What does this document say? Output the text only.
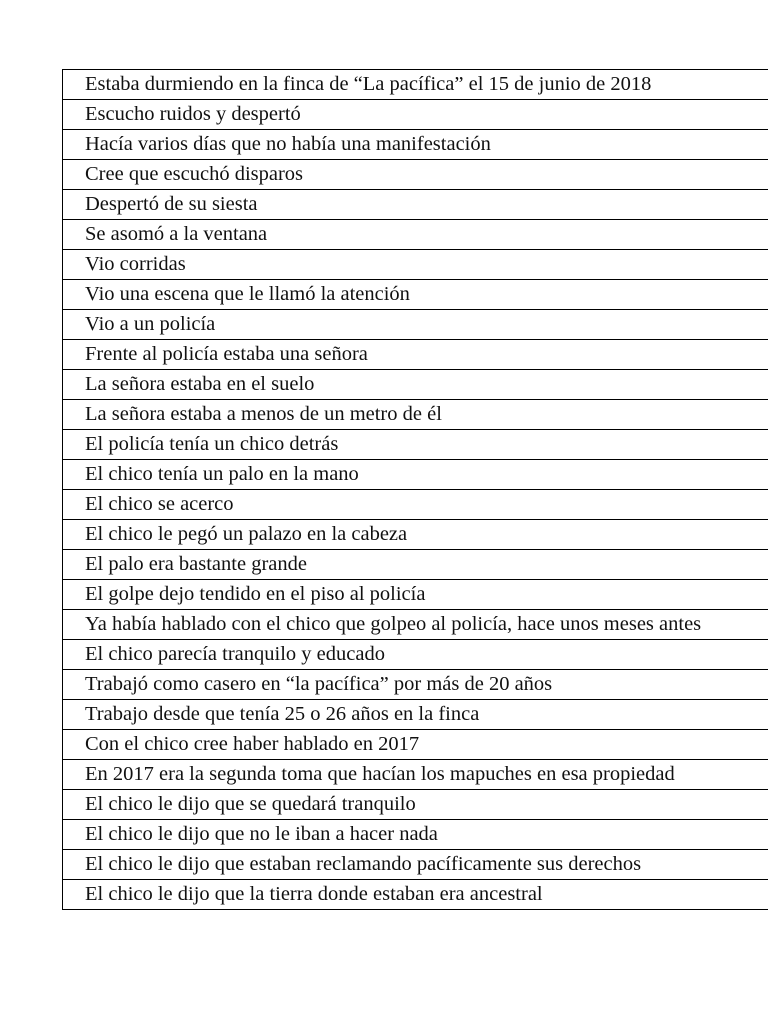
Estaba durmiendo en la finca de “La pacífica” el 15 de junio de 2018
Escucho ruidos y despertó
Hacía varios días que no había una manifestación
Cree que escuchó disparos
Despertó de su siesta
Se asomó a la ventana
Vio corridas
Vio una escena que le llamó la atención
Vio a un policía
Frente al policía estaba una señora
La señora estaba en el suelo
La señora estaba a menos de un metro de él
El policía tenía un chico detrás
El chico tenía un palo en la mano
El chico se acerco
El chico le pegó un palazo en la cabeza
El palo era bastante grande
El golpe dejo tendido en el piso al policía
Ya había hablado con el chico que golpeo al policía, hace unos meses antes
El chico parecía tranquilo y educado
Trabajó como casero en “la pacífica” por más de 20 años
Trabajo desde que tenía 25 o 26 años en la finca
Con el chico cree haber hablado en 2017
En 2017 era la segunda toma que hacían los mapuches en esa propiedad
El chico le dijo que se quedará tranquilo
El chico le dijo que no le iban a hacer nada
El chico le dijo que estaban reclamando pacíficamente sus derechos
El chico le dijo que la tierra donde estaban era ancestral
